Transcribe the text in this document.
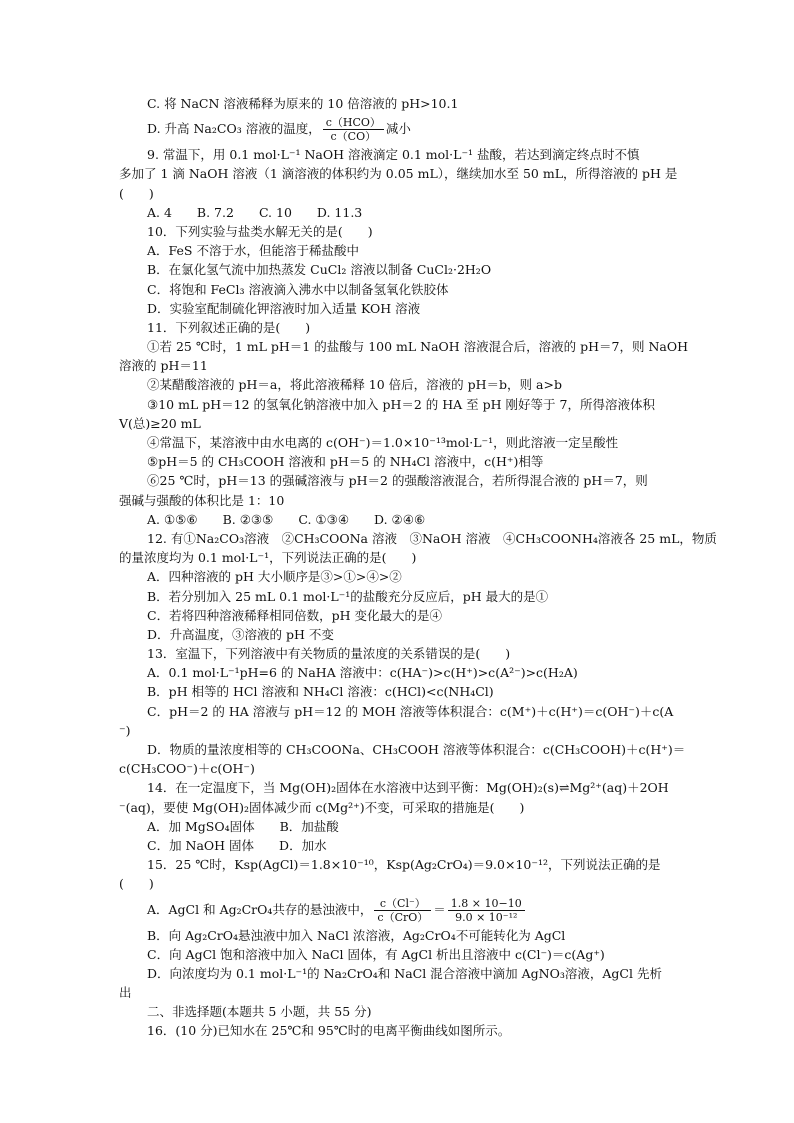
C. 将 NaCN 溶液稀释为原来的 10 倍溶液的 pH>10.1
D. 升高 Na₂CO₃ 溶液的温度， $\frac{\text{c（HCO）}}{c(CO)}$ 减小
9. 常温下，用 0.1 mol·L⁻¹ NaOH 溶液滴定 0.1 mol·L⁻¹ 盐酸，若达到滴定终点时不慎
多加了 1 滴 NaOH 溶液（1 滴溶液的体积约为 0.05 mL），继续加水至 50 mL，所得溶液的 pH 是
(　　)
A. 4　　B. 7.2　　C. 10　　D. 11.3
10．下列实验与盐类水解无关的是(　　)
A．FeS 不溶于水，但能溶于稀盐酸中
B．在氯化氢气流中加热蒸发 CuCl₂ 溶液以制备 CuCl₂·2H₂O
C．将饱和 FeCl₃ 溶液滴入沸水中以制备氢氧化铁胶体
D．实验室配制硫化钾溶液时加入适量 KOH 溶液
11．下列叙述正确的是(　　)
①若 25 ℃时，1 mL pH＝1 的盐酸与 100 mL NaOH 溶液混合后，溶液的 pH＝7，则 NaOH
溶液的 pH＝11
②某醋酸溶液的 pH＝a，将此溶液稀释 10 倍后，溶液的 pH＝b，则 a>b
③10 mL pH＝12 的氢氧化钠溶液中加入 pH＝2 的 HA 至 pH 刚好等于 7，所得溶液体积
V(总)≥20 mL
④常温下，某溶液中由水电离的 c(OH⁻)＝1.0×10⁻¹³mol·L⁻¹，则此溶液一定呈酸性
⑤pH＝5 的 CH₃COOH 溶液和 pH＝5 的 NH₄Cl 溶液中，c(H⁺)相等
⑥25 ℃时，pH＝13 的强碱溶液与 pH＝2 的强酸溶液混合，若所得混合液的 pH＝7，则
强碱与强酸的体积比是 1：10
A. ①⑤⑥　　B. ②③⑤　　C. ①③④　　D. ②④⑥
12. 有①Na₂CO₃溶液　②CH₃COONa 溶液　③NaOH 溶液　④CH₃COONH₄溶液各 25 mL，物质
的量浓度均为 0.1 mol·L⁻¹，下列说法正确的是(　　)
A．四种溶液的 pH 大小顺序是③>①>④>②
B．若分别加入 25 mL 0.1 mol·L⁻¹的盐酸充分反应后，pH 最大的是①
C．若将四种溶液稀释相同倍数，pH 变化最大的是④
D．升高温度，③溶液的 pH 不变
13．室温下，下列溶液中有关物质的量浓度的关系错误的是(　　)
A．0.1 mol·L⁻¹pH=6 的 NaHA 溶液中：c(HA⁻)>c(H⁺)>c(A²⁻)>c(H₂A)
B．pH 相等的 HCl 溶液和 NH₄Cl 溶液：c(HCl)<c(NH₄Cl)
C．pH＝2 的 HA 溶液与 pH＝12 的 MOH 溶液等体积混合：c(M⁺)＋c(H⁺)＝c(OH⁻)＋c(A
⁻)
D．物质的量浓度相等的 CH₃COONa、CH₃COOH 溶液等体积混合：c(CH₃COOH)＋c(H⁺)＝
c(CH₃COO⁻)＋c(OH⁻)
14．在一定温度下，当 Mg(OH)₂固体在水溶液中达到平衡：Mg(OH)₂(s)⇌Mg²⁺(aq)＋2OH
⁻(aq)，要使 Mg(OH)₂固体减少而 c(Mg²⁺)不变，可采取的措施是(　　)
A．加 MgSO₄固体　　B．加盐酸
C．加 NaOH 固体　　D．加水
15．25 ℃时，Ksp(AgCl)＝1.8×10⁻¹⁰，Ksp(Ag₂CrO₄)＝9.0×10⁻¹²，下列说法正确的是
(　　)
A．AgCl 和 Ag₂CrO₄共存的悬浊液中， $\frac{c(Cl^-)}{\text{c（CrO）}} = \frac{1.8 \times 10-10}{\text{9.0 × 10⁻¹²}}$
B．向 Ag₂CrO₄悬浊液中加入 NaCl 浓溶液，Ag₂CrO₄不可能转化为 AgCl
C．向 AgCl 饱和溶液中加入 NaCl 固体，有 AgCl 析出且溶液中 c(Cl⁻)＝c(Ag⁺)
D．向浓度均为 0.1 mol·L⁻¹的 Na₂CrO₄和 NaCl 混合溶液中滴加 AgNO₃溶液，AgCl 先析
出
二、非选择题(本题共 5 小题，共 55 分)
16．(10 分)已知水在 25℃和 95℃时的电离平衡曲线如图所示。
